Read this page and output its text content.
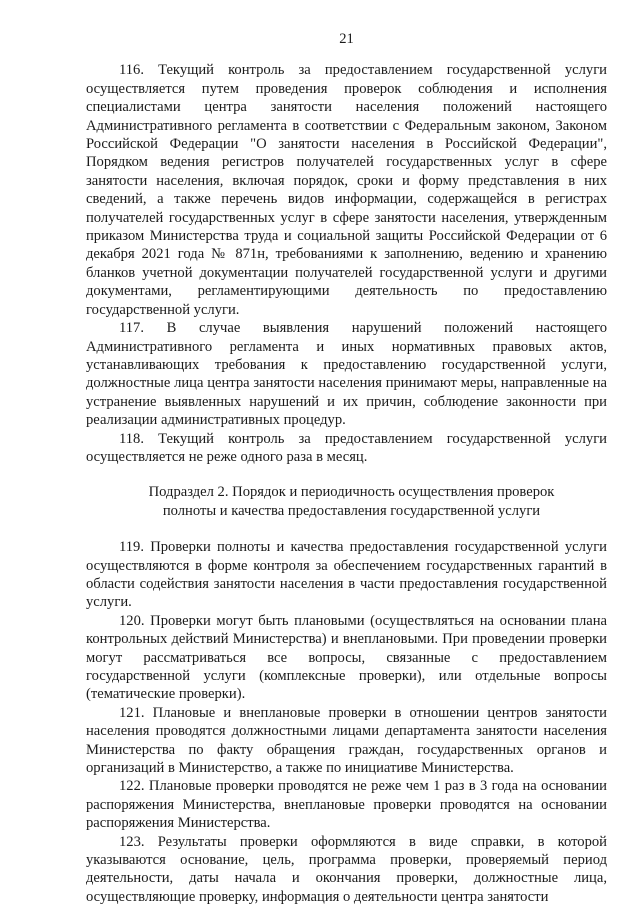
21

116. Текущий контроль за предоставлением государственной услуги осуществляется путем проведения проверок соблюдения и исполнения специалистами центра занятости населения положений настоящего Административного регламента в соответствии с Федеральным законом, Законом Российской Федерации "О занятости населения в Российской Федерации", Порядком ведения регистров получателей государственных услуг в сфере занятости населения, включая порядок, сроки и форму представления в них сведений, а также перечень видов информации, содержащейся в регистрах получателей государственных услуг в сфере занятости населения, утвержденным приказом Министерства труда и социальной защиты Российской Федерации от 6 декабря 2021 года № 871н, требованиями к заполнению, ведению и хранению бланков учетной документации получателей государственной услуги и другими документами, регламентирующими деятельность по предоставлению государственной услуги.

117. В случае выявления нарушений положений настоящего Административного регламента и иных нормативных правовых актов, устанавливающих требования к предоставлению государственной услуги, должностные лица центра занятости населения принимают меры, направленные на устранение выявленных нарушений и их причин, соблюдение законности при реализации административных процедур.

118. Текущий контроль за предоставлением государственной услуги осуществляется не реже одного раза в месяц.

Подраздел 2. Порядок и периодичность осуществления проверок
полноты и качества предоставления государственной услуги

119. Проверки полноты и качества предоставления государственной услуги осуществляются в форме контроля за обеспечением государственных гарантий в области содействия занятости населения в части предоставления государственной услуги.

120. Проверки могут быть плановыми (осуществляться на основании плана контрольных действий Министерства) и внеплановыми. При проведении проверки могут рассматриваться все вопросы, связанные с предоставлением государственной услуги (комплексные проверки), или отдельные вопросы (тематические проверки).

121. Плановые и внеплановые проверки в отношении центров занятости населения проводятся должностными лицами департамента занятости населения Министерства по факту обращения граждан, государственных органов и организаций в Министерство, а также по инициативе Министерства.

122. Плановые проверки проводятся не реже чем 1 раз в 3 года на основании распоряжения Министерства, внеплановые проверки проводятся на основании распоряжения Министерства.

123. Результаты проверки оформляются в виде справки, в которой указываются основание, цель, программа проверки, проверяемый период деятельности, даты начала и окончания проверки, должностные лица, осуществляющие проверку, информация о деятельности центра занятости
